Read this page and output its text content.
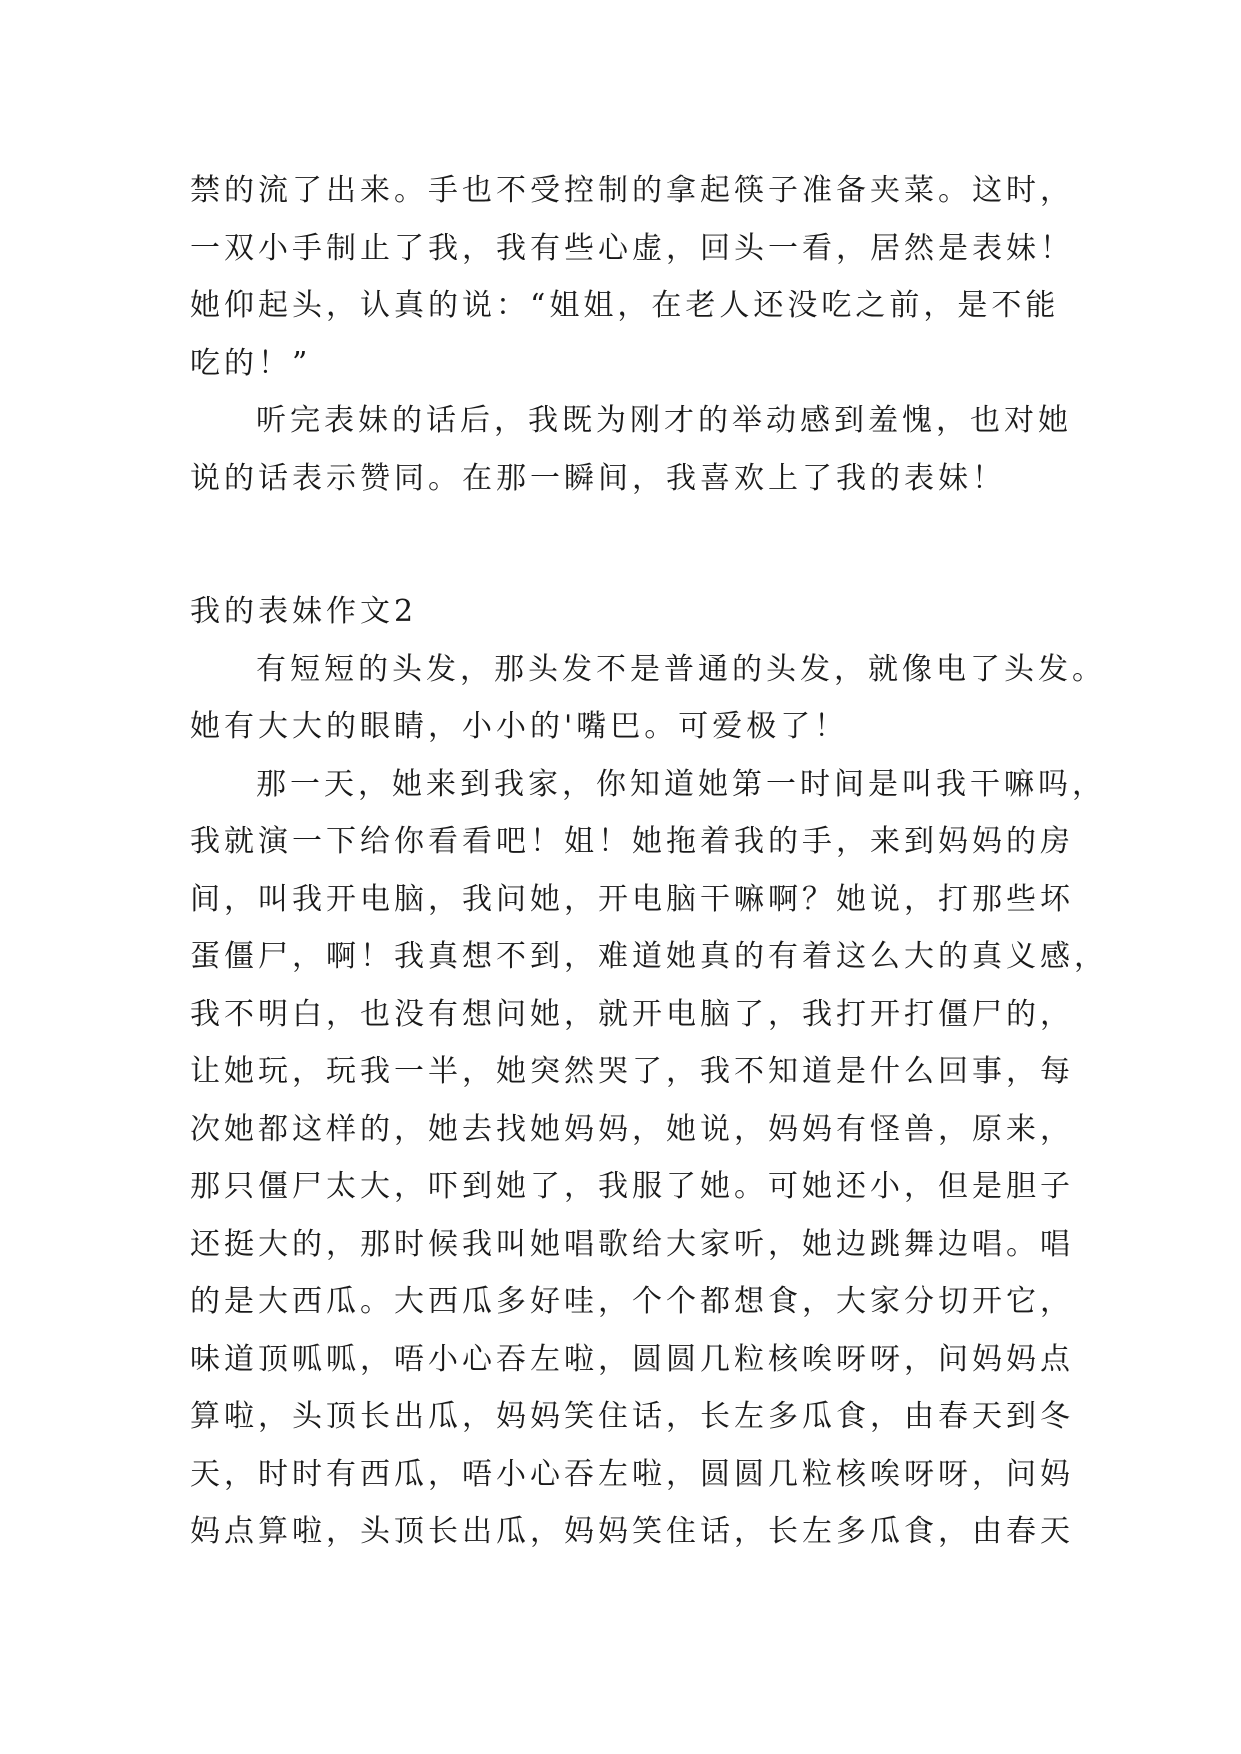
禁的流了出来。手也不受控制的拿起筷子准备夹菜。这时，
一双小手制止了我，我有些心虚，回头一看，居然是表妹！
她仰起头，认真的说：“姐姐，在老人还没吃之前，是不能
吃的！”
听完表妹的话后，我既为刚才的举动感到羞愧，也对她
说的话表示赞同。在那一瞬间，我喜欢上了我的表妹！
我的表妹作文2
有短短的头发，那头发不是普通的头发，就像电了头发。
她有大大的眼睛，小小的'嘴巴。可爱极了！
那一天，她来到我家，你知道她第一时间是叫我干嘛吗，
我就演一下给你看看吧！姐！她拖着我的手，来到妈妈的房
间，叫我开电脑，我问她，开电脑干嘛啊？她说，打那些坏
蛋僵尸，啊！我真想不到，难道她真的有着这么大的真义感，
我不明白，也没有想问她，就开电脑了，我打开打僵尸的，
让她玩，玩我一半，她突然哭了，我不知道是什么回事，每
次她都这样的，她去找她妈妈，她说，妈妈有怪兽，原来，
那只僵尸太大，吓到她了，我服了她。可她还小，但是胆子
还挺大的，那时候我叫她唱歌给大家听，她边跳舞边唱。唱
的是大西瓜。大西瓜多好哇，个个都想食，大家分切开它，
味道顶呱呱，唔小心吞左啦，圆圆几粒核唉呀呀，问妈妈点
算啦，头顶长出瓜，妈妈笑住话，长左多瓜食，由春天到冬
天，时时有西瓜，唔小心吞左啦，圆圆几粒核唉呀呀，问妈
妈点算啦，头顶长出瓜，妈妈笑住话，长左多瓜食，由春天
